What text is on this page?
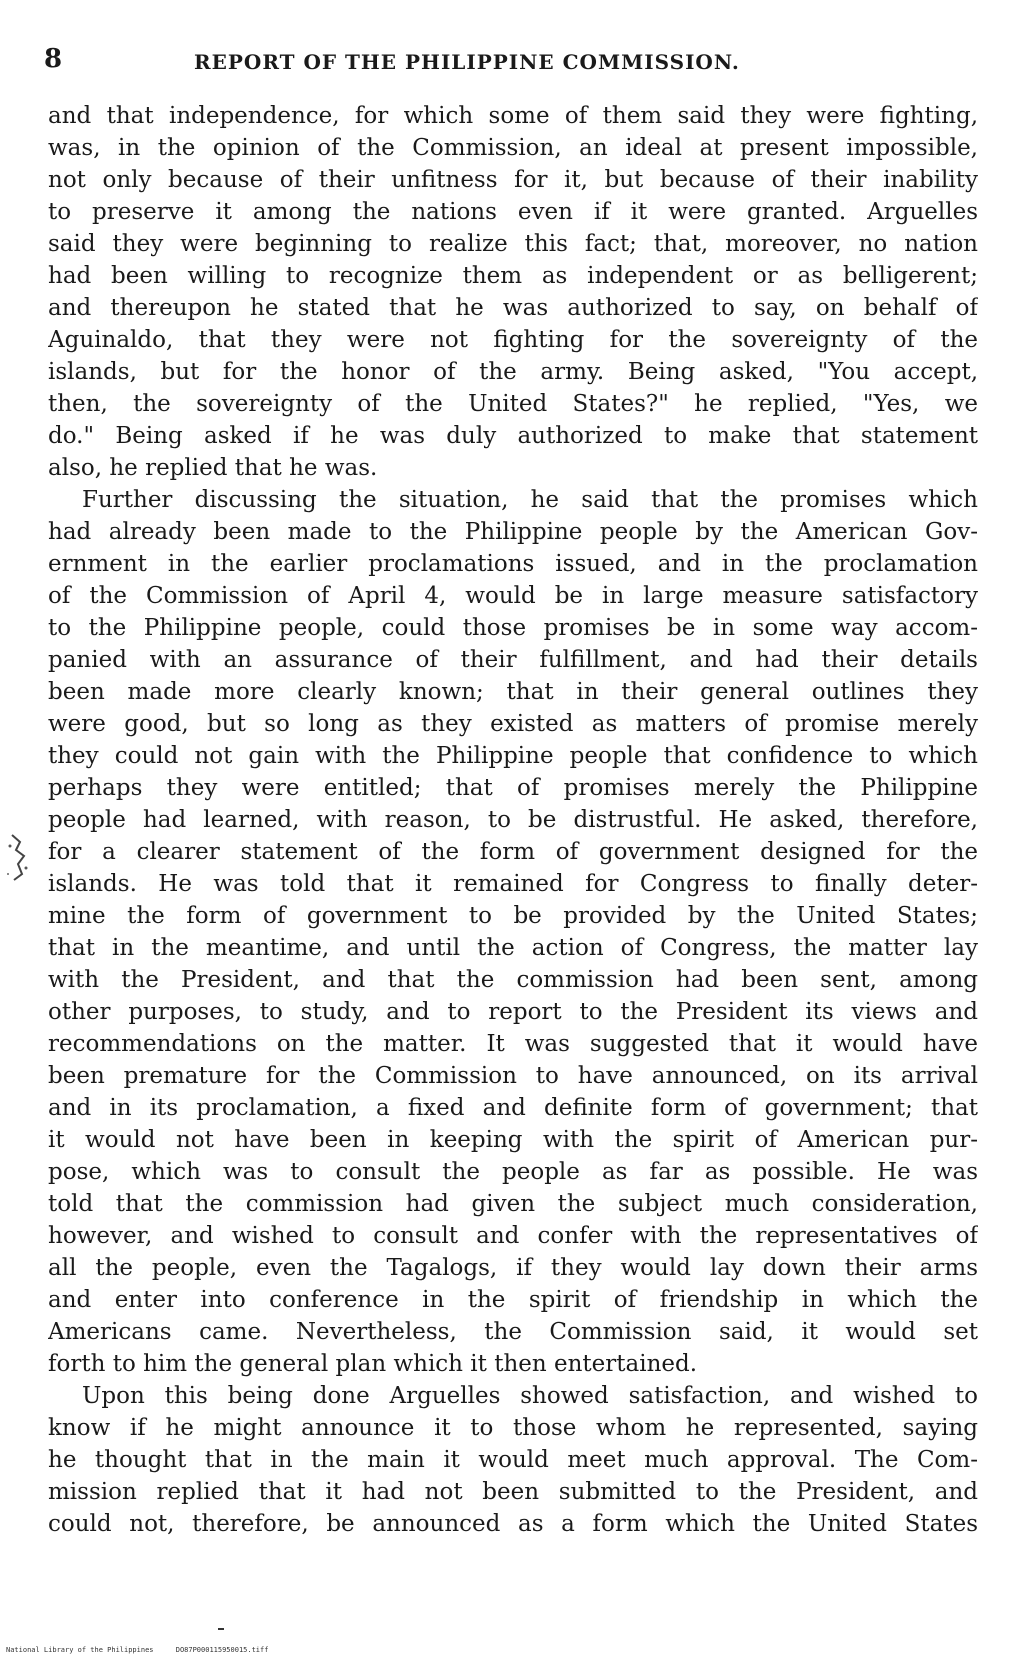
8	REPORT OF THE PHILIPPINE COMMISSION.
and that independence, for which some of them said they were fighting,
was, in the opinion of the Commission, an ideal at present impossible,
not only because of their unfitness for it, but because of their inability
to preserve it among the nations even if it were granted. Arguelles
said they were beginning to realize this fact; that, moreover, no nation
had been willing to recognize them as independent or as belligerent;
and thereupon he stated that he was authorized to say, on behalf of
Aguinaldo, that they were not fighting for the sovereignty of the
islands, but for the honor of the army. Being asked, "You accept,
then, the sovereignty of the United States?" he replied, "Yes, we
do." Being asked if he was duly authorized to make that statement
also, he replied that he was.
Further discussing the situation, he said that the promises which
had already been made to the Philippine people by the American Gov-
ernment in the earlier proclamations issued, and in the proclamation
of the Commission of April 4, would be in large measure satisfactory
to the Philippine people, could those promises be in some way accom-
panied with an assurance of their fulfillment, and had their details
been made more clearly known; that in their general outlines they
were good, but so long as they existed as matters of promise merely
they could not gain with the Philippine people that confidence to which
perhaps they were entitled; that of promises merely the Philippine
people had learned, with reason, to be distrustful. He asked, therefore,
for a clearer statement of the form of government designed for the
islands. He was told that it remained for Congress to finally deter-
mine the form of government to be provided by the United States;
that in the meantime, and until the action of Congress, the matter lay
with the President, and that the commission had been sent, among
other purposes, to study, and to report to the President its views and
recommendations on the matter. It was suggested that it would have
been premature for the Commission to have announced, on its arrival
and in its proclamation, a fixed and definite form of government; that
it would not have been in keeping with the spirit of American pur-
pose, which was to consult the people as far as possible. He was
told that the commission had given the subject much consideration,
however, and wished to consult and confer with the representatives of
all the people, even the Tagalogs, if they would lay down their arms
and enter into conference in the spirit of friendship in which the
Americans came. Nevertheless, the Commission said, it would set
forth to him the general plan which it then entertained.
Upon this being done Arguelles showed satisfaction, and wished to
know if he might announce it to those whom he represented, saying
he thought that in the main it would meet much approval. The Com-
mission replied that it had not been submitted to the President, and
could not, therefore, be announced as a form which the United States
National Library of the Philippines	DO87P000115950015.tiff
